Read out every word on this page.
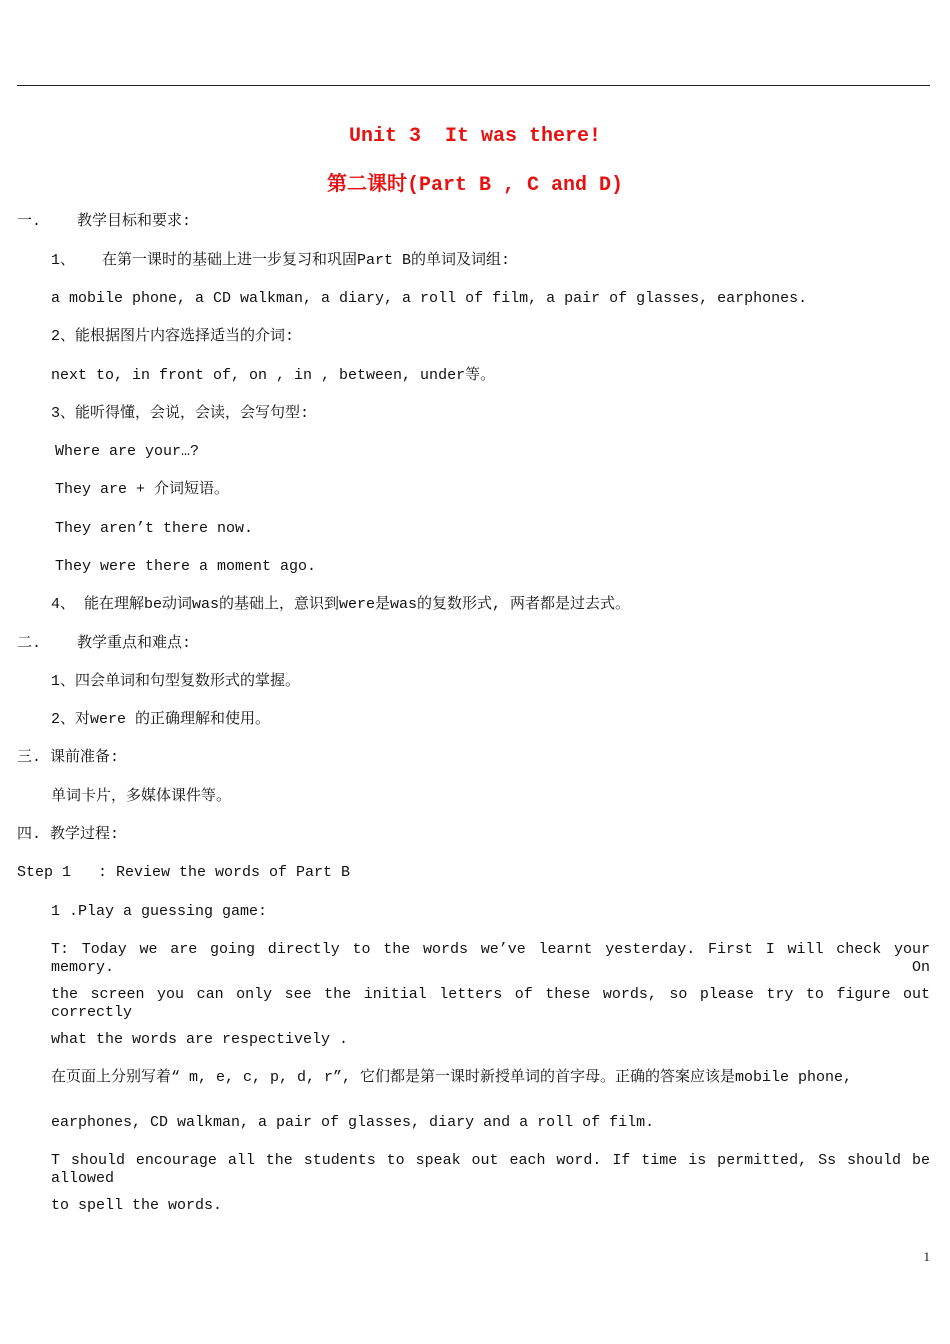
Unit 3  It was there!
第二课时(Part B , C and D)
一.    教学目标和要求:
1、   在第一课时的基础上进一步复习和巩固Part B的单词及词组:
a mobile phone, a CD walkman, a diary, a roll of film, a pair of glasses, earphones.
2、能根据图片内容选择适当的介词:
next to, in front of, on , in , between, under等。
3、能听得懂，会说，会读，会写句型:
Where are your…?
They are + 介词短语。
They aren’t there now.
They were there a moment ago.
4、 能在理解be动词was的基础上，意识到were是was的复数形式, 两者都是过去式。
二.    教学重点和难点:
1、四会单词和句型复数形式的掌握。
2、对were 的正确理解和使用。
三. 课前准备:
单词卡片，多媒体课件等。
四. 教学过程:
Step 1   : Review the words of Part B
1 .Play a guessing game:
T: Today we are going directly to the words we’ve learnt yesterday. First I will check your memory. On
the screen you can only see the initial letters of these words, so please try to figure out correctly
what the words are respectively .
在页面上分别写着“ m, e, c, p, d, r”, 它们都是第一课时新授单词的首字母。正确的答案应该是mobile phone,
earphones, CD walkman, a pair of glasses, diary and a roll of film.
T should encourage all the students to speak out each word. If time is permitted, Ss should be allowed
to spell the words.
1
